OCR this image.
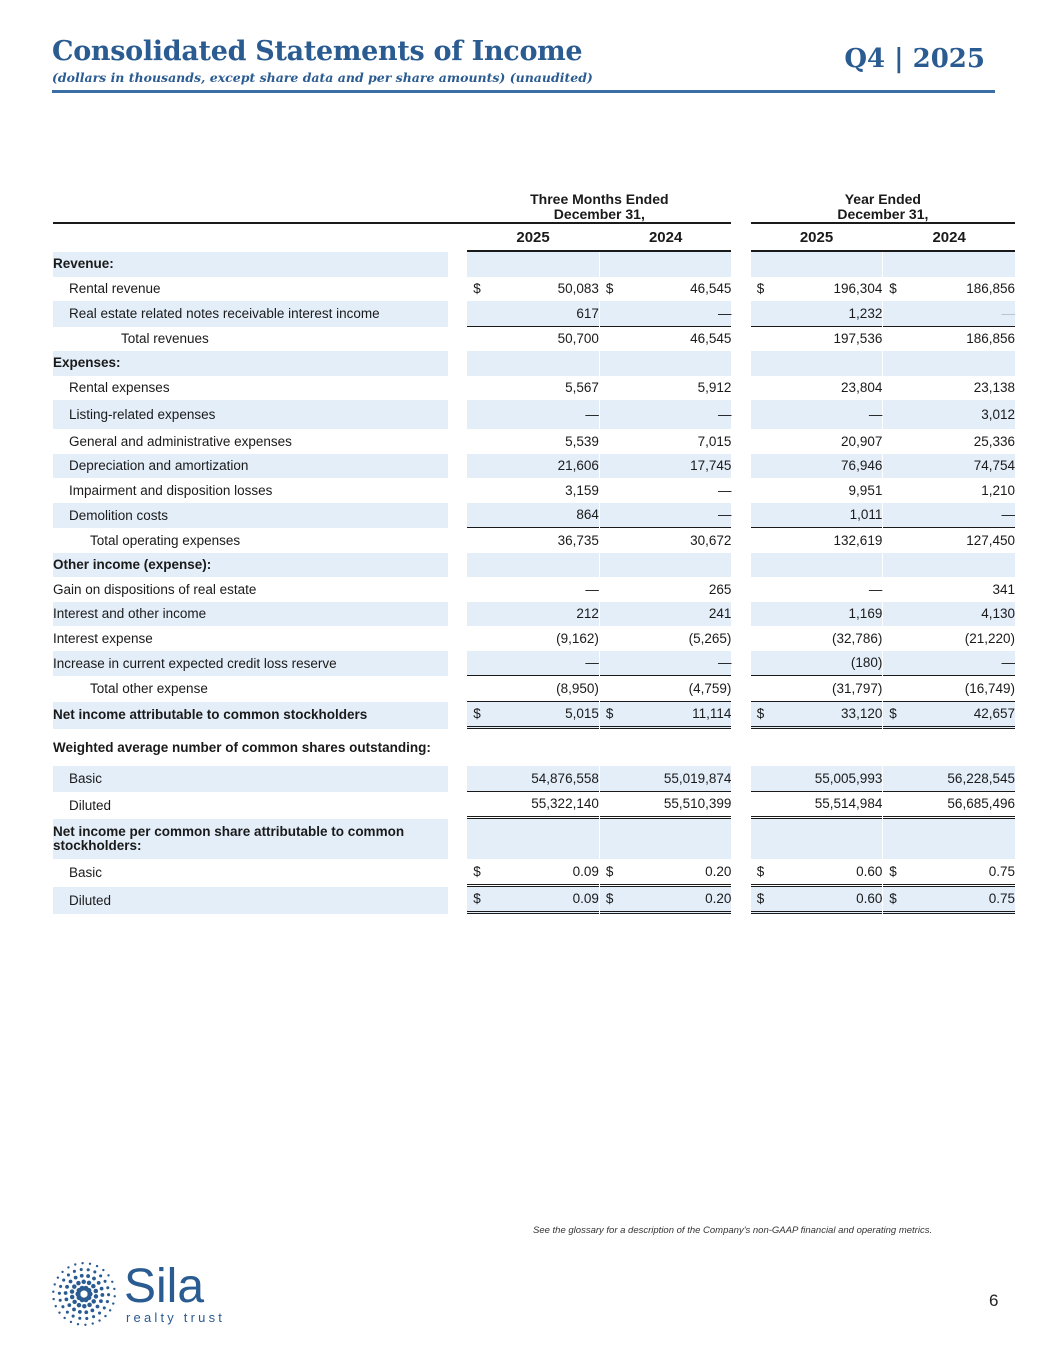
Consolidated Statements of Income
(dollars in thousands, except share data and per share amounts) (unaudited)
Q4 | 2025
		Three Months Ended
December 31,			Year Ended
December 31,	
		2025		2024		2025		2024
Revenue:								
Rental revenue		$ 50,083		$ 46,545		$ 196,304		$ 186,856
Real estate related notes receivable interest income		617		—		1,232		—
Total revenues		50,700		46,545		197,536		186,856
Expenses:								
Rental expenses		5,567		5,912		23,804		23,138
Listing-related expenses		—		—		—		3,012
General and administrative expenses		5,539		7,015		20,907		25,336
Depreciation and amortization		21,606		17,745		76,946		74,754
Impairment and disposition losses		3,159		—		9,951		1,210
Demolition costs		864		—		1,011		—
Total operating expenses		36,735		30,672		132,619		127,450
Other income (expense):								
Gain on dispositions of real estate		—		265		—		341
Interest and other income		212		241		1,169		4,130
Interest expense		(9,162)		(5,265)		(32,786)		(21,220)
Increase in current expected credit loss reserve		—		—		(180)		—
Total other expense		(8,950)		(4,759)		(31,797)		(16,749)
Net income attributable to common stockholders		$ 5,015		$ 11,114		$ 33,120		$ 42,657
Weighted average number of common shares outstanding:								
Basic		54,876,558		55,019,874		55,005,993		56,228,545
Diluted		55,322,140		55,510,399		55,514,984		56,685,496
Net income per common share attributable to common stockholders:								
Basic		$ 0.09		$ 0.20		$ 0.60		$ 0.75
Diluted		$ 0.09		$ 0.20		$ 0.60		$ 0.75
See the glossary for a description of the Company's non-GAAP financial and operating metrics.
6
Sila
realty trust
